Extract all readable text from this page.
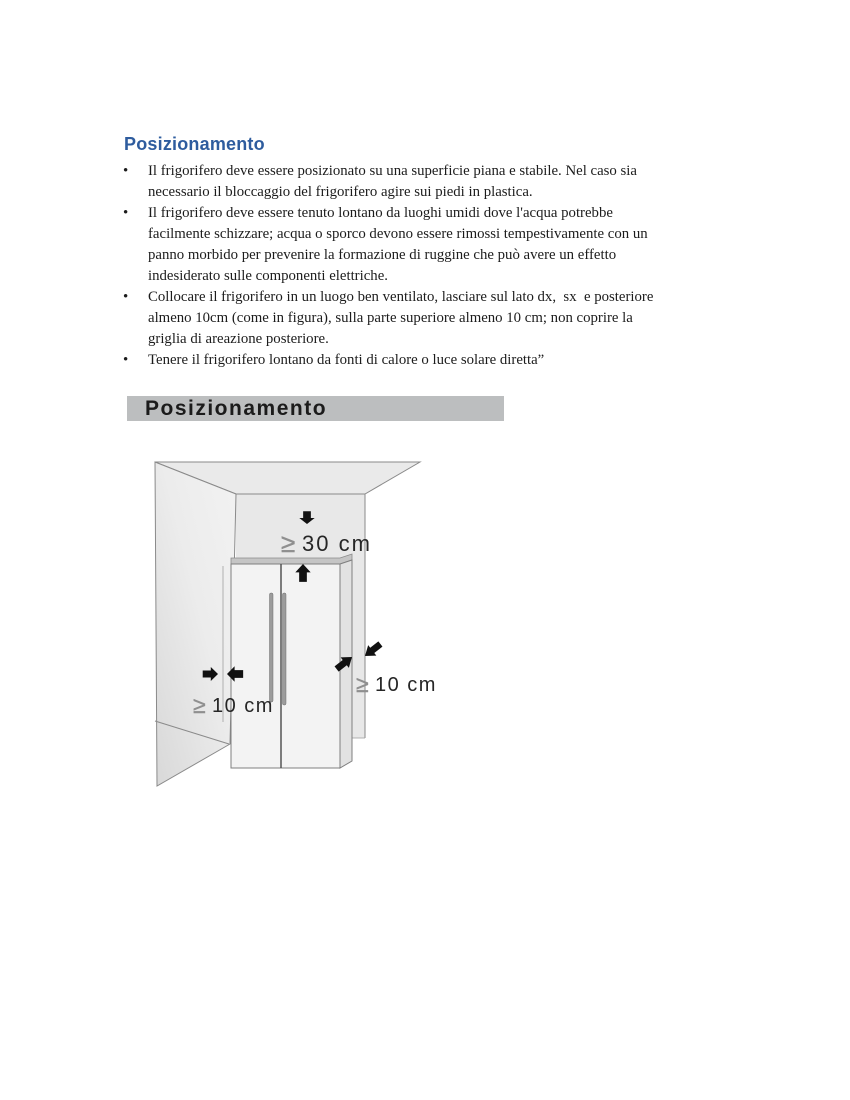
Posizionamento
•	Il frigorifero deve essere posizionato su una superficie piana e stabile. Nel caso sia
necessario il bloccaggio del frigorifero agire sui piedi in plastica.
•	Il frigorifero deve essere tenuto lontano da luoghi umidi dove l'acqua potrebbe
facilmente schizzare; acqua o sporco devono essere rimossi tempestivamente con un
panno morbido per prevenire la formazione di ruggine che può avere un effetto
indesiderato sulle componenti elettriche.
•	Collocare il frigorifero in un luogo ben ventilato, lasciare sul lato dx,  sx  e posteriore
almeno 10cm (come in figura), sulla parte superiore almeno 10 cm; non coprire la
griglia di areazione posteriore.
•	Tenere il frigorifero lontano da fonti di calore o luce solare diretta”
Posizionamento
≥ 30 cm
≥ 10 cm
≥ 10 cm
